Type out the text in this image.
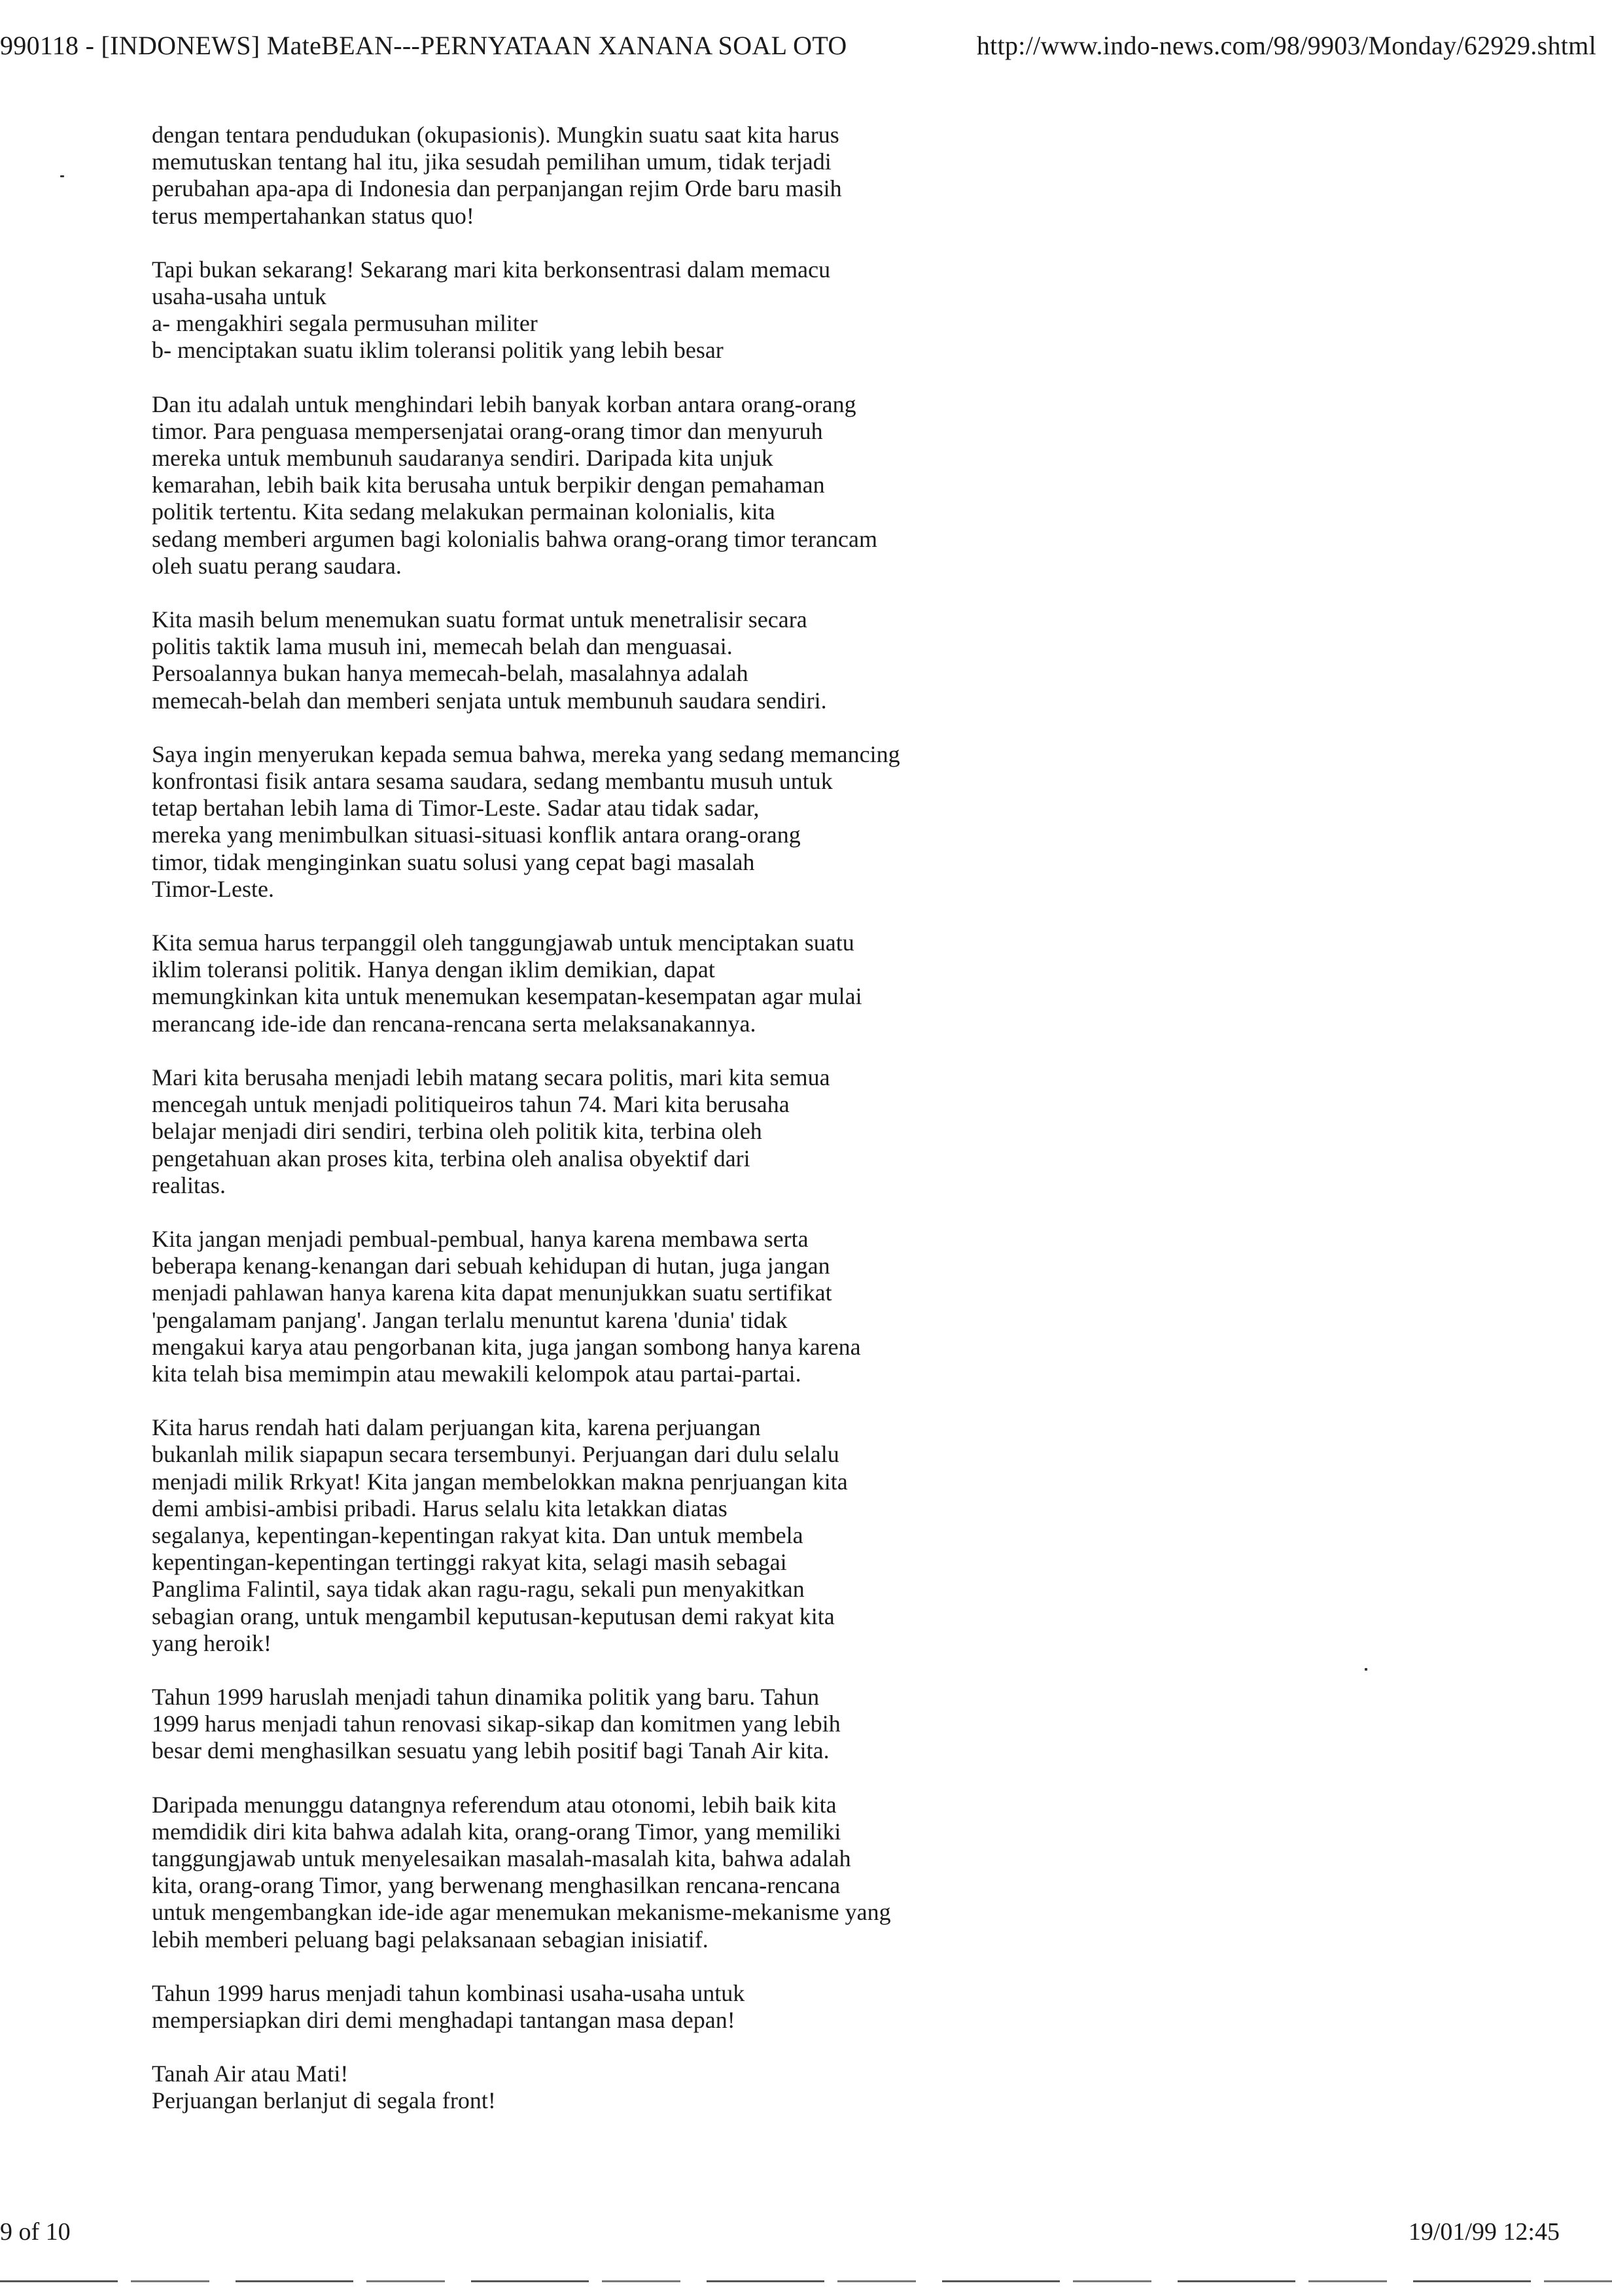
990118 - [INDONEWS] MateBEAN---PERNYATAAN XANANA SOAL OTO	http://www.indo-news.com/98/9903/Monday/62929.shtml

dengan tentara pendudukan (okupasionis). Mungkin suatu saat kita harus
memutuskan tentang hal itu, jika sesudah pemilihan umum, tidak terjadi
perubahan apa-apa di Indonesia dan perpanjangan rejim Orde baru masih
terus mempertahankan status quo!

Tapi bukan sekarang! Sekarang mari kita berkonsentrasi dalam memacu
usaha-usaha untuk
a- mengakhiri segala permusuhan militer
b- menciptakan suatu iklim toleransi politik yang lebih besar

Dan itu adalah untuk menghindari lebih banyak korban antara orang-orang
timor. Para penguasa mempersenjatai orang-orang timor dan menyuruh
mereka untuk membunuh saudaranya sendiri. Daripada kita unjuk
kemarahan, lebih baik kita berusaha untuk berpikir dengan pemahaman
politik tertentu. Kita sedang melakukan permainan kolonialis, kita
sedang memberi argumen bagi kolonialis bahwa orang-orang timor terancam
oleh suatu perang saudara.

Kita masih belum menemukan suatu format untuk menetralisir secara
politis taktik lama musuh ini, memecah belah dan menguasai.
Persoalannya bukan hanya memecah-belah, masalahnya adalah
memecah-belah dan memberi senjata untuk membunuh saudara sendiri.

Saya ingin menyerukan kepada semua bahwa, mereka yang sedang memancing
konfrontasi fisik antara sesama saudara, sedang membantu musuh untuk
tetap bertahan lebih lama di Timor-Leste. Sadar atau tidak sadar,
mereka yang menimbulkan situasi-situasi konflik antara orang-orang
timor, tidak menginginkan suatu solusi yang cepat bagi masalah
Timor-Leste.

Kita semua harus terpanggil oleh tanggungjawab untuk menciptakan suatu
iklim toleransi politik. Hanya dengan iklim demikian, dapat
memungkinkan kita untuk menemukan kesempatan-kesempatan agar mulai
merancang ide-ide dan rencana-rencana serta melaksanakannya.

Mari kita berusaha menjadi lebih matang secara politis, mari kita semua
mencegah untuk menjadi politiqueiros tahun 74. Mari kita berusaha
belajar menjadi diri sendiri, terbina oleh politik kita, terbina oleh
pengetahuan akan proses kita, terbina oleh analisa obyektif dari
realitas.

Kita jangan menjadi pembual-pembual, hanya karena membawa serta
beberapa kenang-kenangan dari sebuah kehidupan di hutan, juga jangan
menjadi pahlawan hanya karena kita dapat menunjukkan suatu sertifikat
'pengalamam panjang'. Jangan terlalu menuntut karena 'dunia' tidak
mengakui karya atau pengorbanan kita, juga jangan sombong hanya karena
kita telah bisa memimpin atau mewakili kelompok atau partai-partai.

Kita harus rendah hati dalam perjuangan kita, karena perjuangan
bukanlah milik siapapun secara tersembunyi. Perjuangan dari dulu selalu
menjadi milik Rrkyat! Kita jangan membelokkan makna penrjuangan kita
demi ambisi-ambisi pribadi. Harus selalu kita letakkan diatas
segalanya, kepentingan-kepentingan rakyat kita. Dan untuk membela
kepentingan-kepentingan tertinggi rakyat kita, selagi masih sebagai
Panglima Falintil, saya tidak akan ragu-ragu, sekali pun menyakitkan
sebagian orang, untuk mengambil keputusan-keputusan demi rakyat kita
yang heroik!

Tahun 1999 haruslah menjadi tahun dinamika politik yang baru. Tahun
1999 harus menjadi tahun renovasi sikap-sikap dan komitmen yang lebih
besar demi menghasilkan sesuatu yang lebih positif bagi Tanah Air kita.

Daripada menunggu datangnya referendum atau otonomi, lebih baik kita
memdidik diri kita bahwa adalah kita, orang-orang Timor, yang memiliki
tanggungjawab untuk menyelesaikan masalah-masalah kita, bahwa adalah
kita, orang-orang Timor, yang berwenang menghasilkan rencana-rencana
untuk mengembangkan ide-ide agar menemukan mekanisme-mekanisme yang
lebih memberi peluang bagi pelaksanaan sebagian inisiatif.

Tahun 1999 harus menjadi tahun kombinasi usaha-usaha untuk
mempersiapkan diri demi menghadapi tantangan masa depan!

Tanah Air atau Mati!
Perjuangan berlanjut di segala front!

9 of 10	19/01/99 12:45
